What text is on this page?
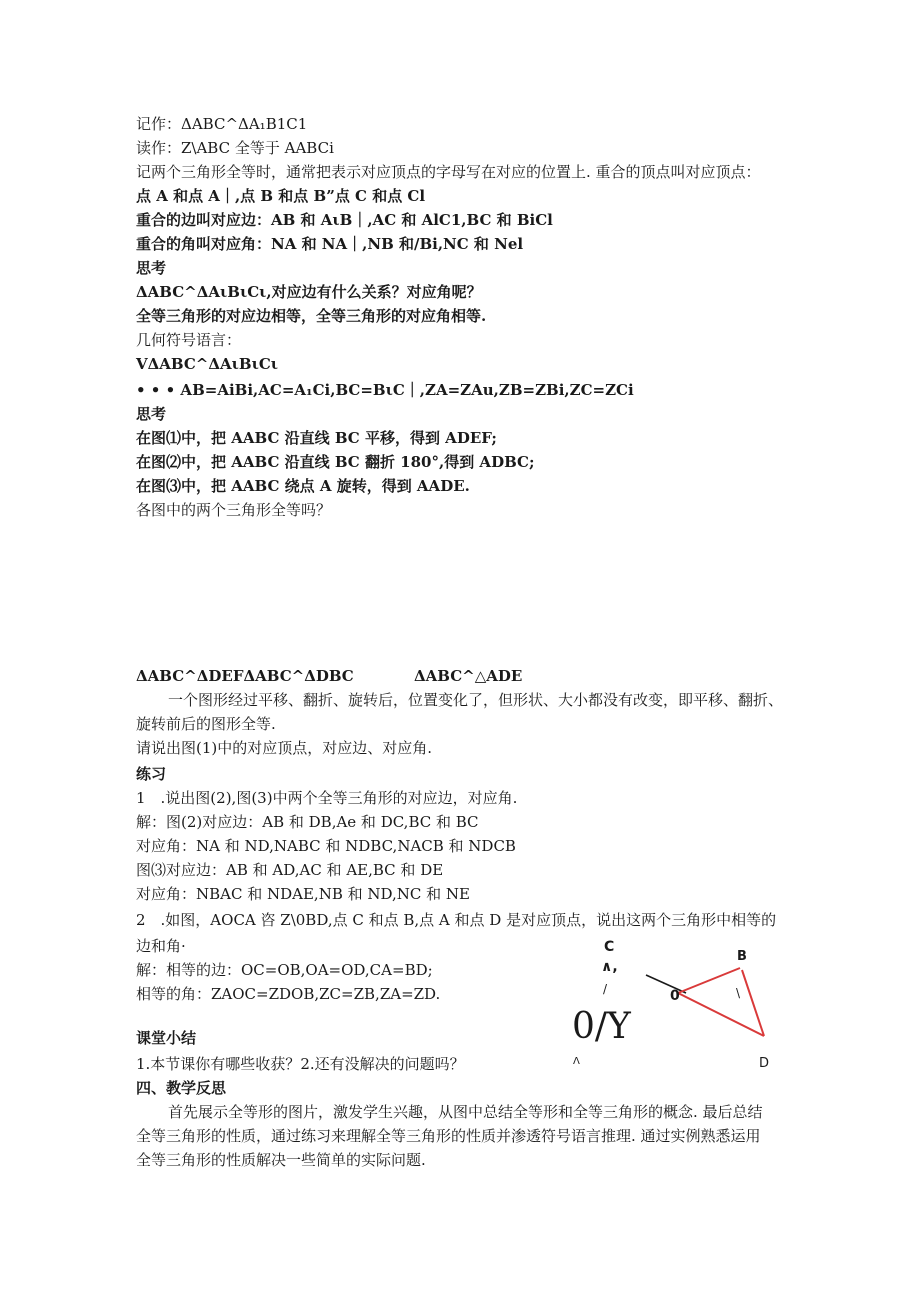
记作：ΔABC^ΔA₁B1C1

读作：Z\ABC 全等于 AABCi

记两个三角形全等时，通常把表示对应顶点的字母写在对应的位置上. 重合的顶点叫对应顶点：

点 A 和点 A｜,点 B 和点 B”点 C 和点 Cl

重合的边叫对应边：AB 和 AιB｜,AC 和 AlC1,BC 和 BiCl

重合的角叫对应角：NA 和 NA｜,NB 和/Bi,NC 和 Nel

思考

ΔABC^ΔAιBιCι,对应边有什么关系？对应角呢？

全等三角形的对应边相等，全等三角形的对应角相等.

几何符号语言：

VΔABC^ΔAιBιCι

• • • AB=AiBi,AC=A₁Ci,BC=BιC｜,ZA=ZAu,ZB=ZBi,ZC=ZCi

思考

在图⑴中，把 AABC 沿直线 BC 平移，得到 ADEF;

在图⑵中，把 AABC 沿直线 BC 翻折 180°,得到 ADBC;

在图⑶中，把 AABC 绕点 A 旋转，得到 AADE.

各图中的两个三角形全等吗？

ΔABC^ΔDEFΔABC^ΔDBC	ΔABC^△ADE

一个图形经过平移、翻折、旋转后，位置变化了，但形状、大小都没有改变，即平移、翻折、

旋转前后的图形全等.

请说出图(1)中的对应顶点，对应边、对应角.

练习

1　.说出图(2),图(3)中两个全等三角形的对应边，对应角.

解：图(2)对应边：AB 和 DB,Ae 和 DC,BC 和 BC

对应角：NA 和 ND,NABC 和 NDBC,NACB 和 NDCB

图⑶对应边：AB 和 AD,AC 和 AE,BC 和 DE

对应角：NBAC 和 NDAE,NB 和 ND,NC 和 NE

2　.如图，AOCA 咨 Z\0BD,点 C 和点 B,点 A 和点 D 是对应顶点，说出这两个三角形中相等的

边和角·

解：相等的边：OC=OB,OA=OD,CA=BD;

相等的角：ZAOC=ZDOB,ZC=ZB,ZA=ZD.

课堂小结

1.本节课你有哪些收获？2.还有没解决的问题吗？

四、教学反思

首先展示全等形的图片，激发学生兴趣，从图中总结全等形和全等三角形的概念. 最后总结

全等三角形的性质，通过练习来理解全等三角形的性质并渗透符号语言推理. 通过实例熟悉运用

全等三角形的性质解决一些简单的实际问题.

C

∧,

/	0

B

\

0/Y

Λ	D
